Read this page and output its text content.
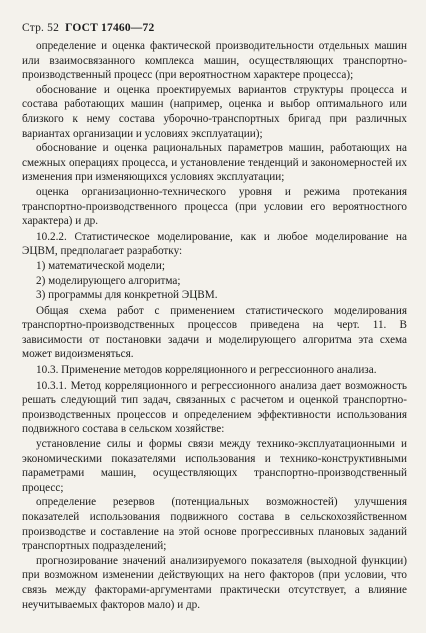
Стр. 52 ГОСТ 17460—72

определение и оценка фактической производительности отдельных машин или взаимосвязанного комплекса машин, осуществляющих транспортно-производственный процесс (при вероятностном характере процесса);

обоснование и оценка проектируемых вариантов структуры процесса и состава работающих машин (например, оценка и выбор оптимального или близкого к нему состава уборочно-транспортных бригад при различных вариантах организации и условиях эксплуатации);

обоснование и оценка рациональных параметров машин, работающих на смежных операциях процесса, и установление тенденций и закономерностей их изменения при изменяющихся условиях эксплуатации;

оценка организационно-технического уровня и режима протекания транспортно-производственного процесса (при условии его вероятностного характера) и др.

10.2.2. Статистическое моделирование, как и любое моделирование на ЭЦВМ, предполагает разработку:

1) математической модели;

2) моделирующего алгоритма;

3) программы для конкретной ЭЦВМ.

Общая схема работ с применением статистического моделирования транспортно-производственных процессов приведена на черт. 11. В зависимости от постановки задачи и моделирующего алгоритма эта схема может видоизменяться.

10.3. Применение методов корреляционного и регрессионного анализа.

10.3.1. Метод корреляционного и регрессионного анализа дает возможность решать следующий тип задач, связанных с расчетом и оценкой транспортно-производственных процессов и определением эффективности использования подвижного состава в сельском хозяйстве:

установление силы и формы связи между технико-эксплуатационными и экономическими показателями использования и технико-конструктивными параметрами машин, осуществляющих транспортно-производственный процесс;

определение резервов (потенциальных возможностей) улучшения показателей использования подвижного состава в сельскохозяйственном производстве и составление на этой основе прогрессивных плановых заданий транспортных подразделений;

прогнозирование значений анализируемого показателя (выходной функции) при возможном изменении действующих на него факторов (при условии, что связь между факторами-аргументами практически отсутствует, а влияние неучитываемых факторов мало) и др.
